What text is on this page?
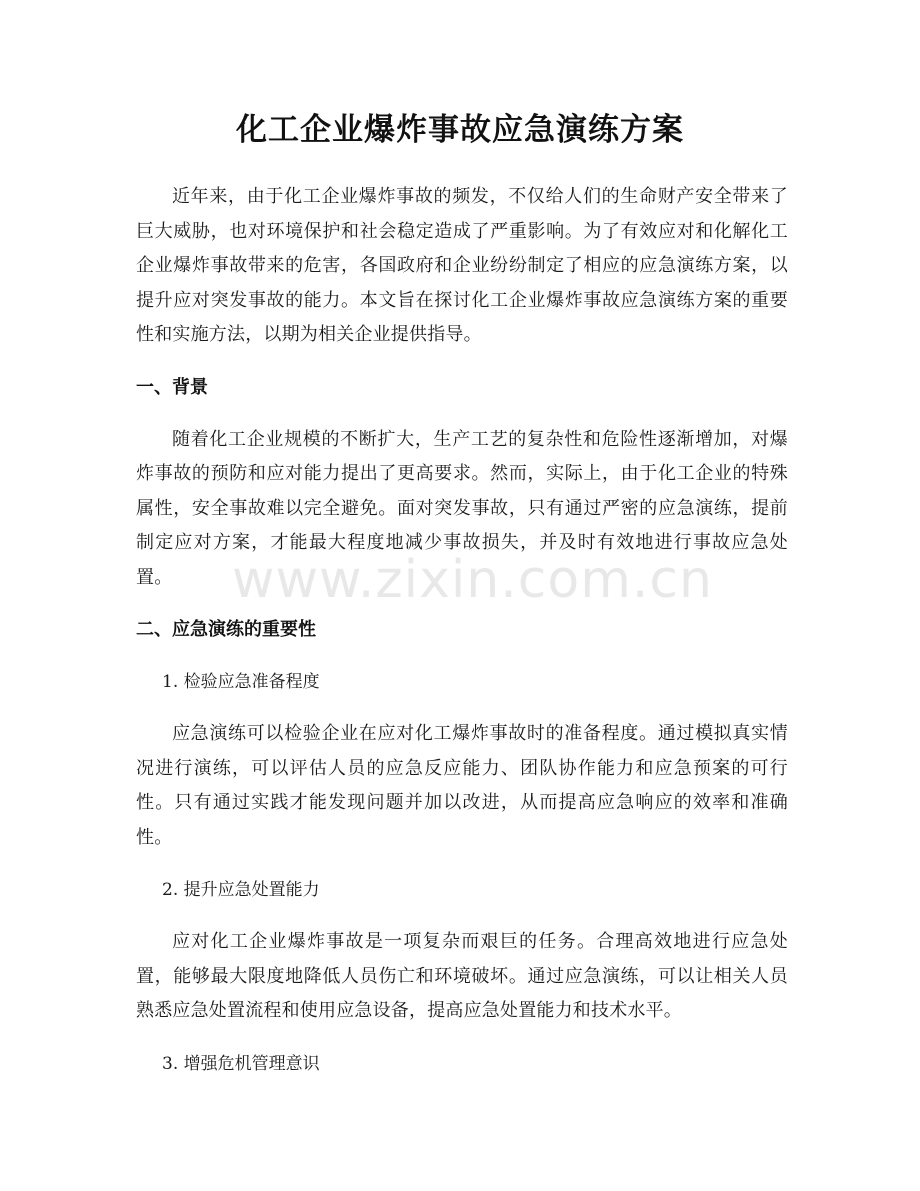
化工企业爆炸事故应急演练方案

近年来，由于化工企业爆炸事故的频发，不仅给人们的生命财产安全带来了巨大威胁，也对环境保护和社会稳定造成了严重影响。为了有效应对和化解化工企业爆炸事故带来的危害，各国政府和企业纷纷制定了相应的应急演练方案，以提升应对突发事故的能力。本文旨在探讨化工企业爆炸事故应急演练方案的重要性和实施方法，以期为相关企业提供指导。

一、背景

随着化工企业规模的不断扩大，生产工艺的复杂性和危险性逐渐增加，对爆炸事故的预防和应对能力提出了更高要求。然而，实际上，由于化工企业的特殊属性，安全事故难以完全避免。面对突发事故，只有通过严密的应急演练，提前制定应对方案，才能最大程度地减少事故损失，并及时有效地进行事故应急处置。

二、应急演练的重要性

1. 检验应急准备程度

应急演练可以检验企业在应对化工爆炸事故时的准备程度。通过模拟真实情况进行演练，可以评估人员的应急反应能力、团队协作能力和应急预案的可行性。只有通过实践才能发现问题并加以改进，从而提高应急响应的效率和准确性。

2. 提升应急处置能力

应对化工企业爆炸事故是一项复杂而艰巨的任务。合理高效地进行应急处置，能够最大限度地降低人员伤亡和环境破坏。通过应急演练，可以让相关人员熟悉应急处置流程和使用应急设备，提高应急处置能力和技术水平。

3. 增强危机管理意识

www.zixin.com.cn
